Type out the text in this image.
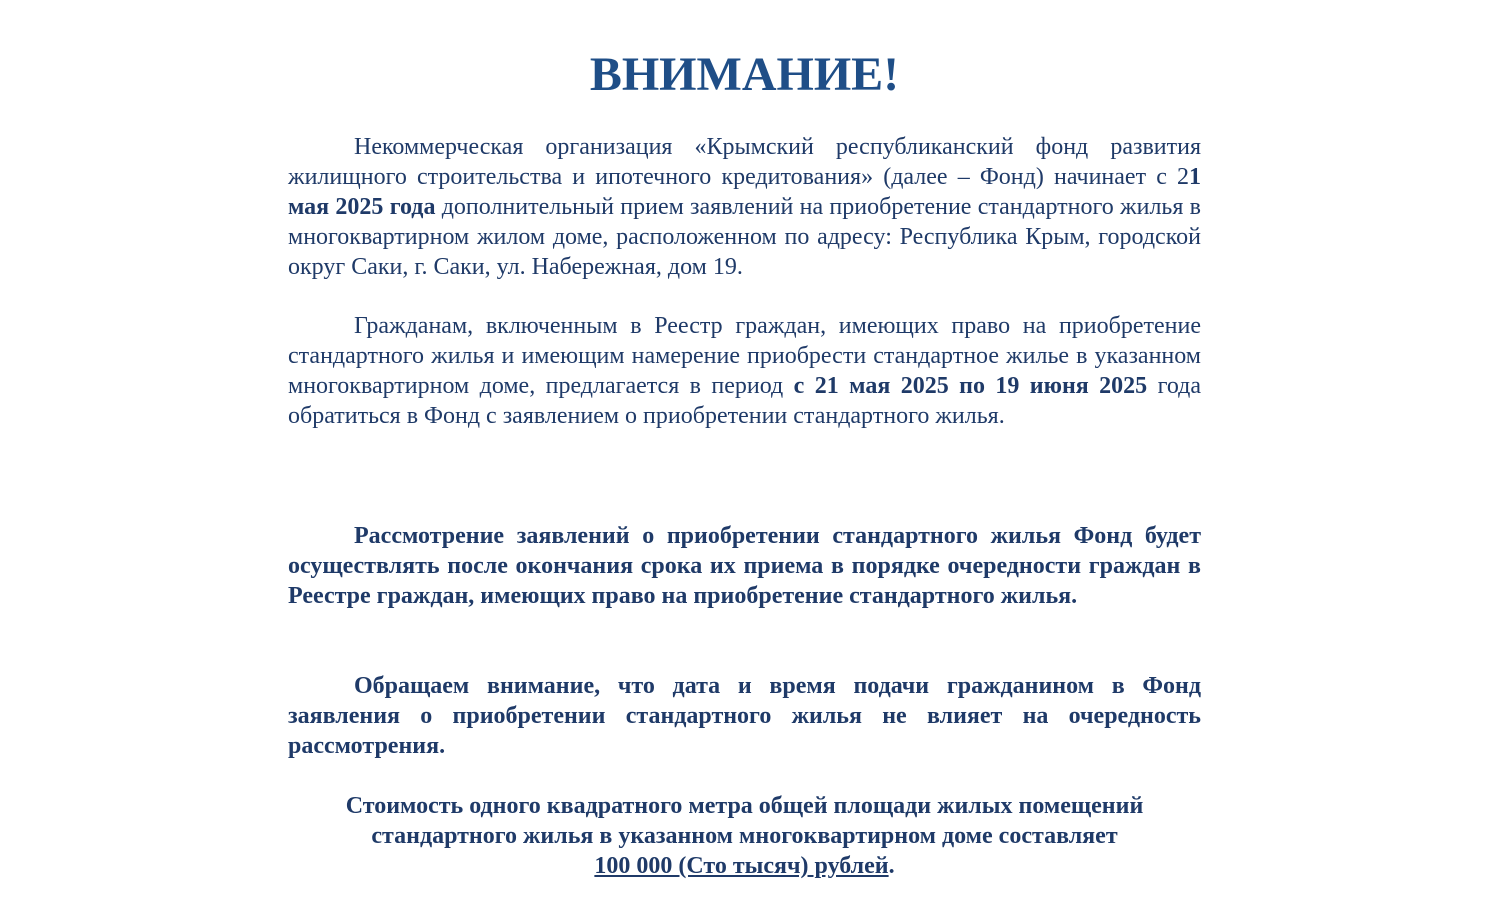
ВНИМАНИЕ!

Некоммерческая организация «Крымский республиканский фонд развития жилищного строительства и ипотечного кредитования» (далее – Фонд) начинает с 21 мая 2025 года дополнительный прием заявлений на приобретение стандартного жилья в многоквартирном жилом доме, расположенном по адресу: Республика Крым, городской округ Саки, г. Саки, ул. Набережная, дом 19.

Гражданам, включенным в Реестр граждан, имеющих право на приобретение стандартного жилья и имеющим намерение приобрести стандартное жилье в указанном многоквартирном доме, предлагается в период с 21 мая 2025 по 19 июня 2025 года обратиться в Фонд с заявлением о приобретении стандартного жилья.

Рассмотрение заявлений о приобретении стандартного жилья Фонд будет осуществлять после окончания срока их приема в порядке очередности граждан в Реестре граждан, имеющих право на приобретение стандартного жилья.

Обращаем внимание, что дата и время подачи гражданином в Фонд заявления о приобретении стандартного жилья не влияет на очередность рассмотрения.

Стоимость одного квадратного метра общей площади жилых помещений
стандартного жилья в указанном многоквартирном доме составляет
100 000 (Сто тысяч) рублей.
